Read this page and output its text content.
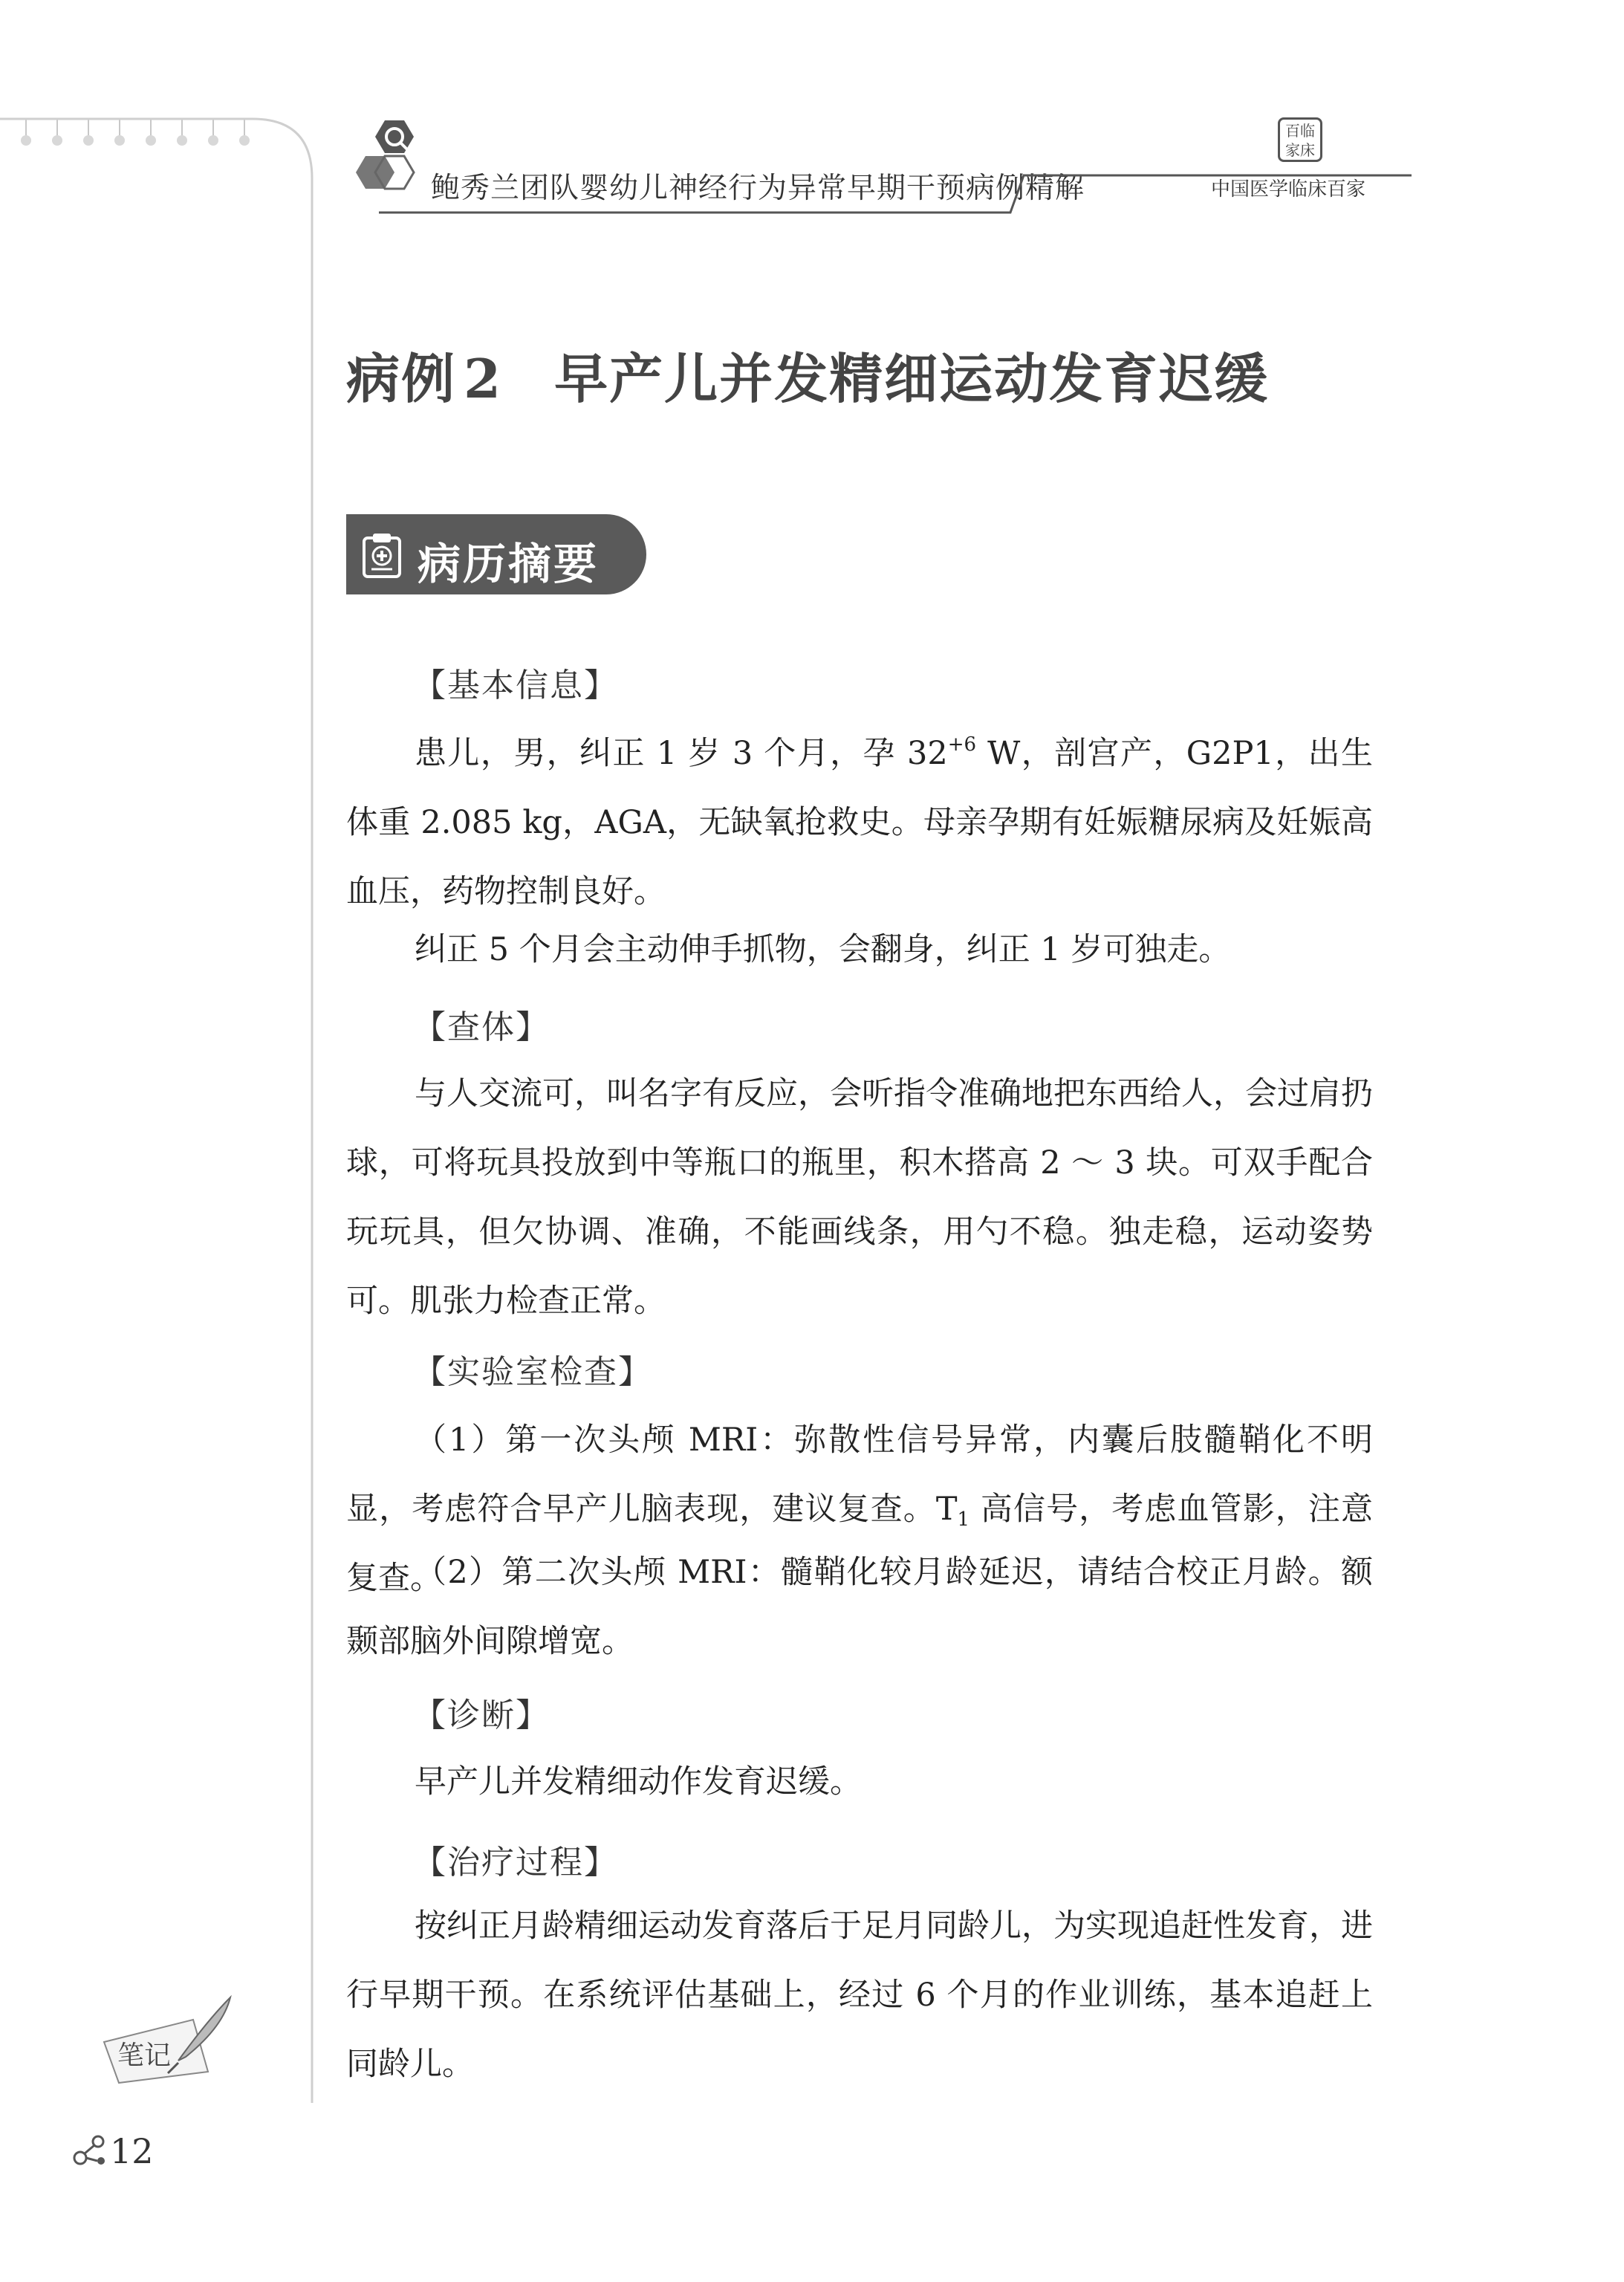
鲍秀兰团队婴幼儿神经行为异常早期干预病例精解
百临家床
中国医学临床百家
病例 2 早产儿并发精细运动发育迟缓
病历摘要
【基本信息】

患儿，男，纠正 1 岁 3 个月，孕 $32^{+6}$ W，剖宫产，G2P1，出生体重 2.085 kg，AGA，无缺氧抢救史。母亲孕期有妊娠糖尿病及妊娠高血压，药物控制良好。

纠正 5 个月会主动伸手抓物，会翻身，纠正 1 岁可独走。

【查体】

与人交流可，叫名字有反应，会听指令准确地把东西给人，会过肩扔球，可将玩具投放到中等瓶口的瓶里，积木搭高 2 ～ 3 块。可双手配合玩玩具，但欠协调、准确，不能画线条，用勺不稳。独走稳，运动姿势可。肌张力检查正常。

【实验室检查】

（1）第一次头颅 MRI：弥散性信号异常，内囊后肢髓鞘化不明显，考虑符合早产儿脑表现，建议复查。$T_1$ 高信号，考虑血管影，注意复查。

（2）第二次头颅 MRI：髓鞘化较月龄延迟，请结合校正月龄。额颞部脑外间隙增宽。

【诊断】

早产儿并发精细动作发育迟缓。

【治疗过程】

按纠正月龄精细运动发育落后于足月同龄儿，为实现追赶性发育，进行早期干预。在系统评估基础上，经过 6 个月的作业训练，基本追赶上同龄儿。

笔记
12
